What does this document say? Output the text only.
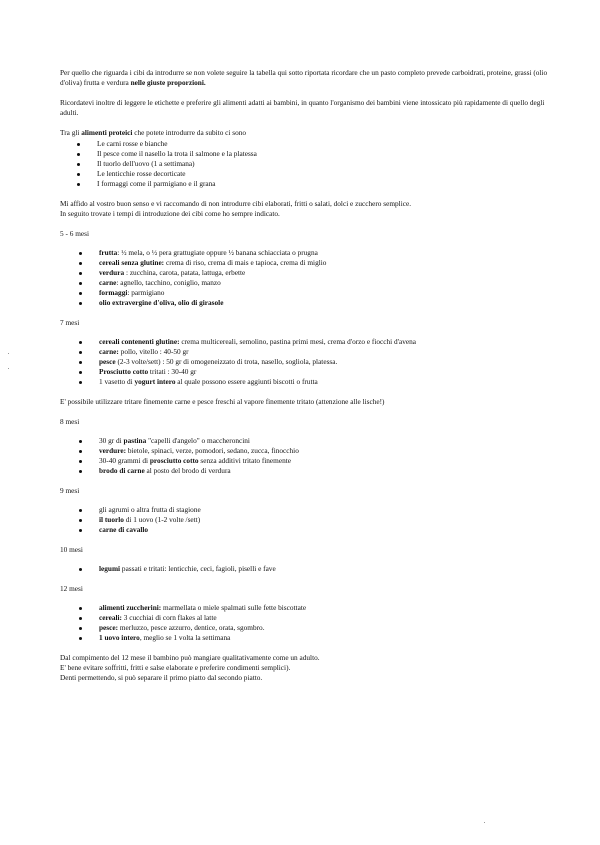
Per quello che riguarda i cibi da introdurre se non volete seguire la tabella qui sotto riportata ricordare che un pasto completo prevede carboidrati, proteine, grassi (olio d'oliva) frutta e verdura nelle giuste proporzioni.

Ricordatevi inoltre di leggere le etichette e preferire gli alimenti adatti ai bambini, in quanto l'organismo dei bambini viene intossicato più rapidamente di quello degli adulti.

Tra gli alimenti proteici che potete introdurre da subito ci sono

Le carni rosse e bianche
Il pesce come il nasello la trota il salmone e la platessa
Il tuorlo dell'uovo (1 a settimana)
Le lenticchie rosse decorticate
I formaggi come il parmigiano e il grana

Mi affido al vostro buon senso e vi raccomando di non introdurre cibi elaborati, fritti o salati, dolci e zucchero semplice.

In seguito trovate i tempi di introduzione dei cibi come ho sempre indicato.

5 - 6 mesi

frutta: ½ mela, o ½ pera grattugiate oppure ½ banana schiacciata o prugna
cereali senza glutine: crema di riso, crema di mais e tapioca, crema di miglio
verdura : zucchina, carota, patata, lattuga, erbette
carne: agnello, tacchino, coniglio, manzo
formaggi: parmigiano
olio extravergine d'oliva, olio di girasole

7 mesi

cereali contenenti glutine: crema multicereali, semolino, pastina primi mesi, crema d'orzo e fiocchi d'avena
carne: pollo, vitello : 40-50 gr
pesce (2-3 volte/sett) : 50 gr di omogeneizzato di trota, nasello, sogliola, platessa.
Prosciutto cotto tritati : 30-40 gr
1 vasetto di yogurt intero al quale possono essere aggiunti biscotti o frutta

E' possibile utilizzare tritare finemente carne e pesce freschi al vapore finemente tritato (attenzione alle lische!)

8 mesi

30 gr di pastina "capelli d'angelo" o maccheroncini
verdure: bietole, spinaci, verze, pomodori, sedano, zucca, finocchio
30-40 grammi di prosciutto cotto senza additivi tritato finemente
brodo di carne al posto del brodo di verdura

9 mesi

gli agrumi o altra frutta di stagione
il tuorlo di 1 uovo (1-2 volte /sett)
carne di cavallo

10 mesi

legumi passati e tritati: lenticchie, ceci, fagioli, piselli e fave

12 mesi

alimenti zuccherini: marmellata o miele spalmati sulle fette biscottate
cereali: 3 cucchiai di corn flakes al latte
pesce: merluzzo, pesce azzurro, dentice, orata, sgombro.
1 uovo intero, meglio se 1 volta la settimana

Dal compimento del 12 mese il bambino può mangiare qualitativamente come un adulto.

E' bene evitare soffritti, fritti e salse elaborate e preferire condimenti semplici).

Denti permettendo, si può separare il primo piatto dal secondo piatto.
